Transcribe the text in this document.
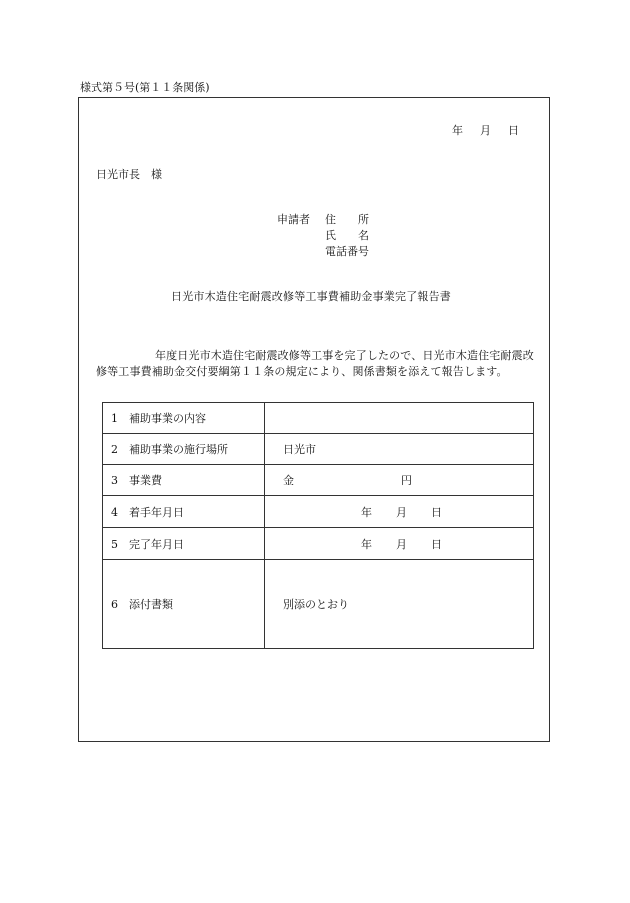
様式第５号(第１１条関係)
年 月 日
日光市長　様
申請者 住　　所
氏　　名
電話番号
日光市木造住宅耐震改修等工事費補助金事業完了報告書
年度日光市木造住宅耐震改修等工事を完了したので、日光市木造住宅耐震改
修等工事費補助金交付要綱第１１条の規定により、関係書類を添えて報告します。
1 補助事業の内容	
2 補助事業の施行場所	日光市
3 事業費	金 円
4 着手年月日	年 月 日
5 完了年月日	年 月 日
6 添付書類	別添のとおり
